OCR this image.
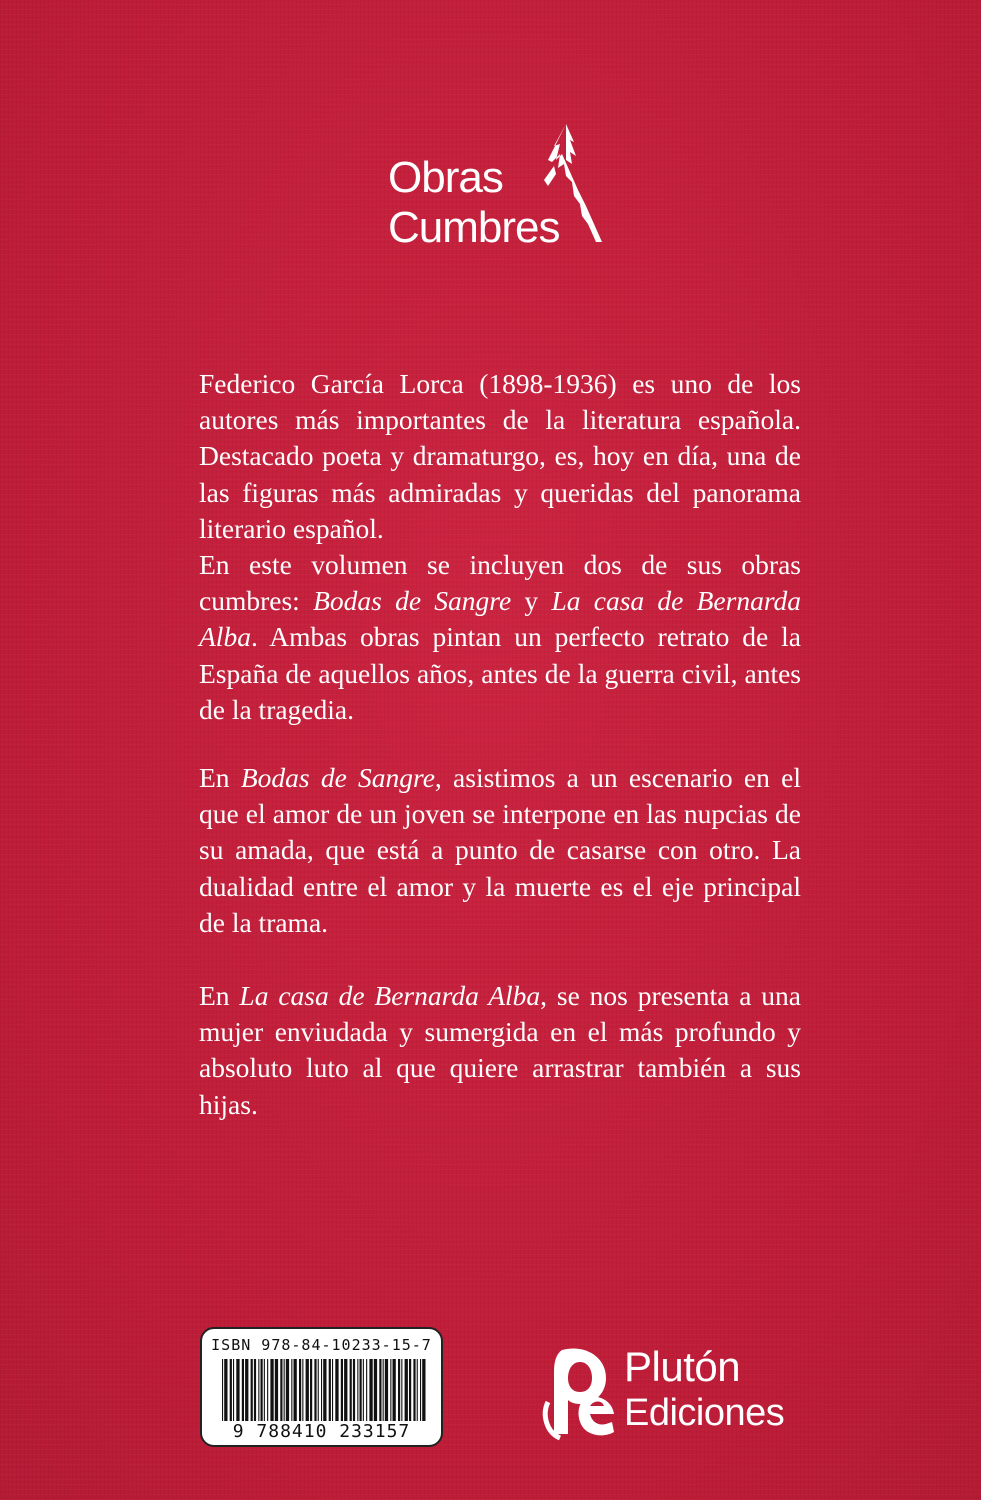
Obras
Cumbres

Federico García Lorca (1898-1936) es uno de los autores más importantes de la literatura española. Destacado poeta y dramaturgo, es, hoy en día, una de las figuras más admiradas y queridas del panorama literario español.

En este volumen se incluyen dos de sus obras cumbres: Bodas de Sangre y La casa de Bernarda Alba. Ambas obras pintan un perfecto retrato de la España de aquellos años, antes de la guerra civil, antes de la tragedia.

En Bodas de Sangre, asistimos a un escenario en el que el amor de un joven se interpone en las nupcias de su amada, que está a punto de casarse con otro. La dualidad entre el amor y la muerte es el eje principal de la trama.

En La casa de Bernarda Alba, se nos presenta a una mujer enviudada y sumergida en el más profundo y absoluto luto al que quiere arrastrar también a sus hijas.

ISBN 978-84-10233-15-7
9 788410 233157
Plutón
Ediciones
